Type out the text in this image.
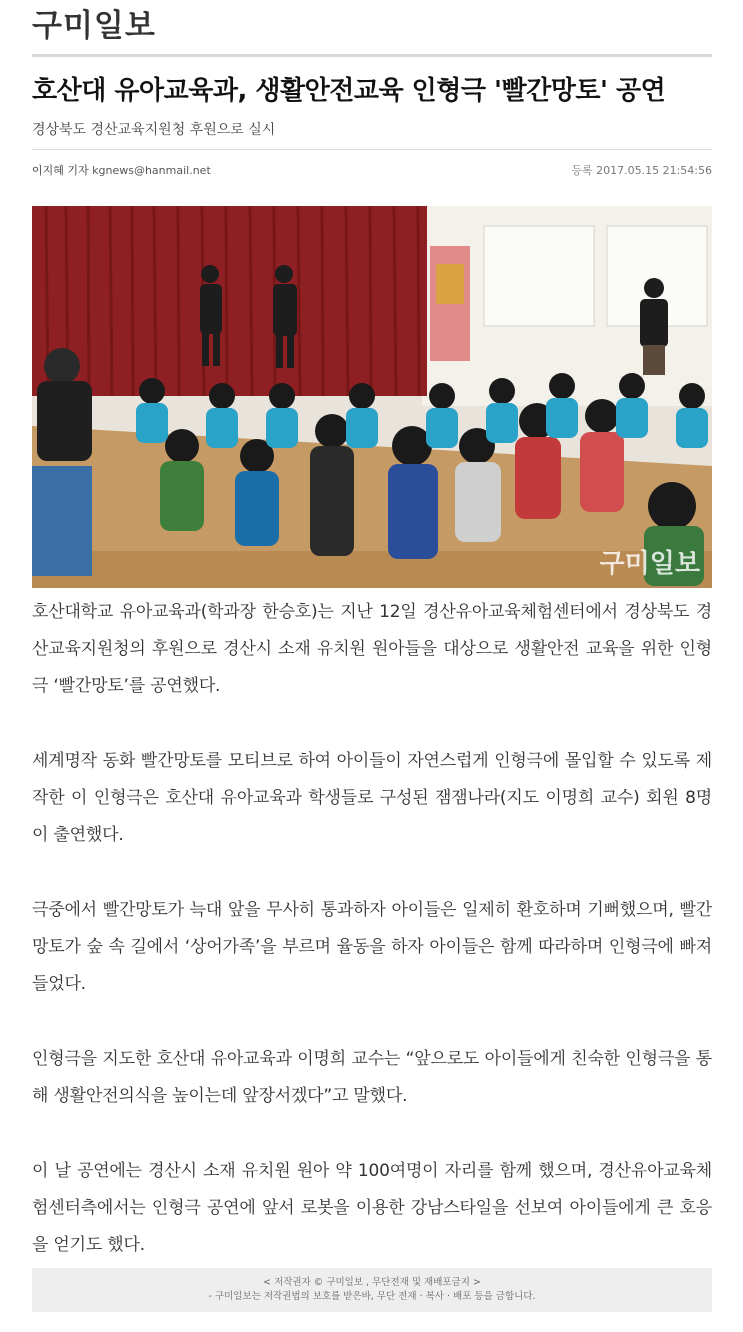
구미일보
호산대 유아교육과, 생활안전교육 인형극 '빨간망토' 공연
경상북도 경산교육지원청 후원으로 실시
이지혜 기자 kgnews@hanmail.net	등록 2017.05.15 21:54:56
구미일보

호산대학교 유아교육과(학과장 한승호)는 지난 12일 경산유아교육체험센터에서 경상북도 경산교육지원청의 후원으로 경산시 소재 유치원 원아들을 대상으로 생활안전 교육을 위한 인형극 ‘빨간망토’를 공연했다.

세계명작 동화 빨간망토를 모티브로 하여 아이들이 자연스럽게 인형극에 몰입할 수 있도록 제작한 이 인형극은 호산대 유아교육과 학생들로 구성된 잼잼나라(지도 이명희 교수) 회원 8명이 출연했다.

극중에서 빨간망토가 늑대 앞을 무사히 통과하자 아이들은 일제히 환호하며 기뻐했으며, 빨간망토가 숲 속 길에서 ‘상어가족’을 부르며 율동을 하자 아이들은 함께 따라하며 인형극에 빠져들었다.

인형극을 지도한 호산대 유아교육과 이명희 교수는 “앞으로도 아이들에게 친숙한 인형극을 통해 생활안전의식을 높이는데 앞장서겠다”고 말했다.

이 날 공연에는 경산시 소재 유치원 원아 약 100여명이 자리를 함께 했으며, 경산유아교육체험센터측에서는 인형극 공연에 앞서 로봇을 이용한 강남스타일을 선보여 아이들에게 큰 호응을 얻기도 했다.

< 저작권자 © 구미일보 , 무단전재 및 재배포금지 >
- 구미일보는 저작권법의 보호를 받은바, 무단 전재 · 복사 · 배포 등을 금합니다.
